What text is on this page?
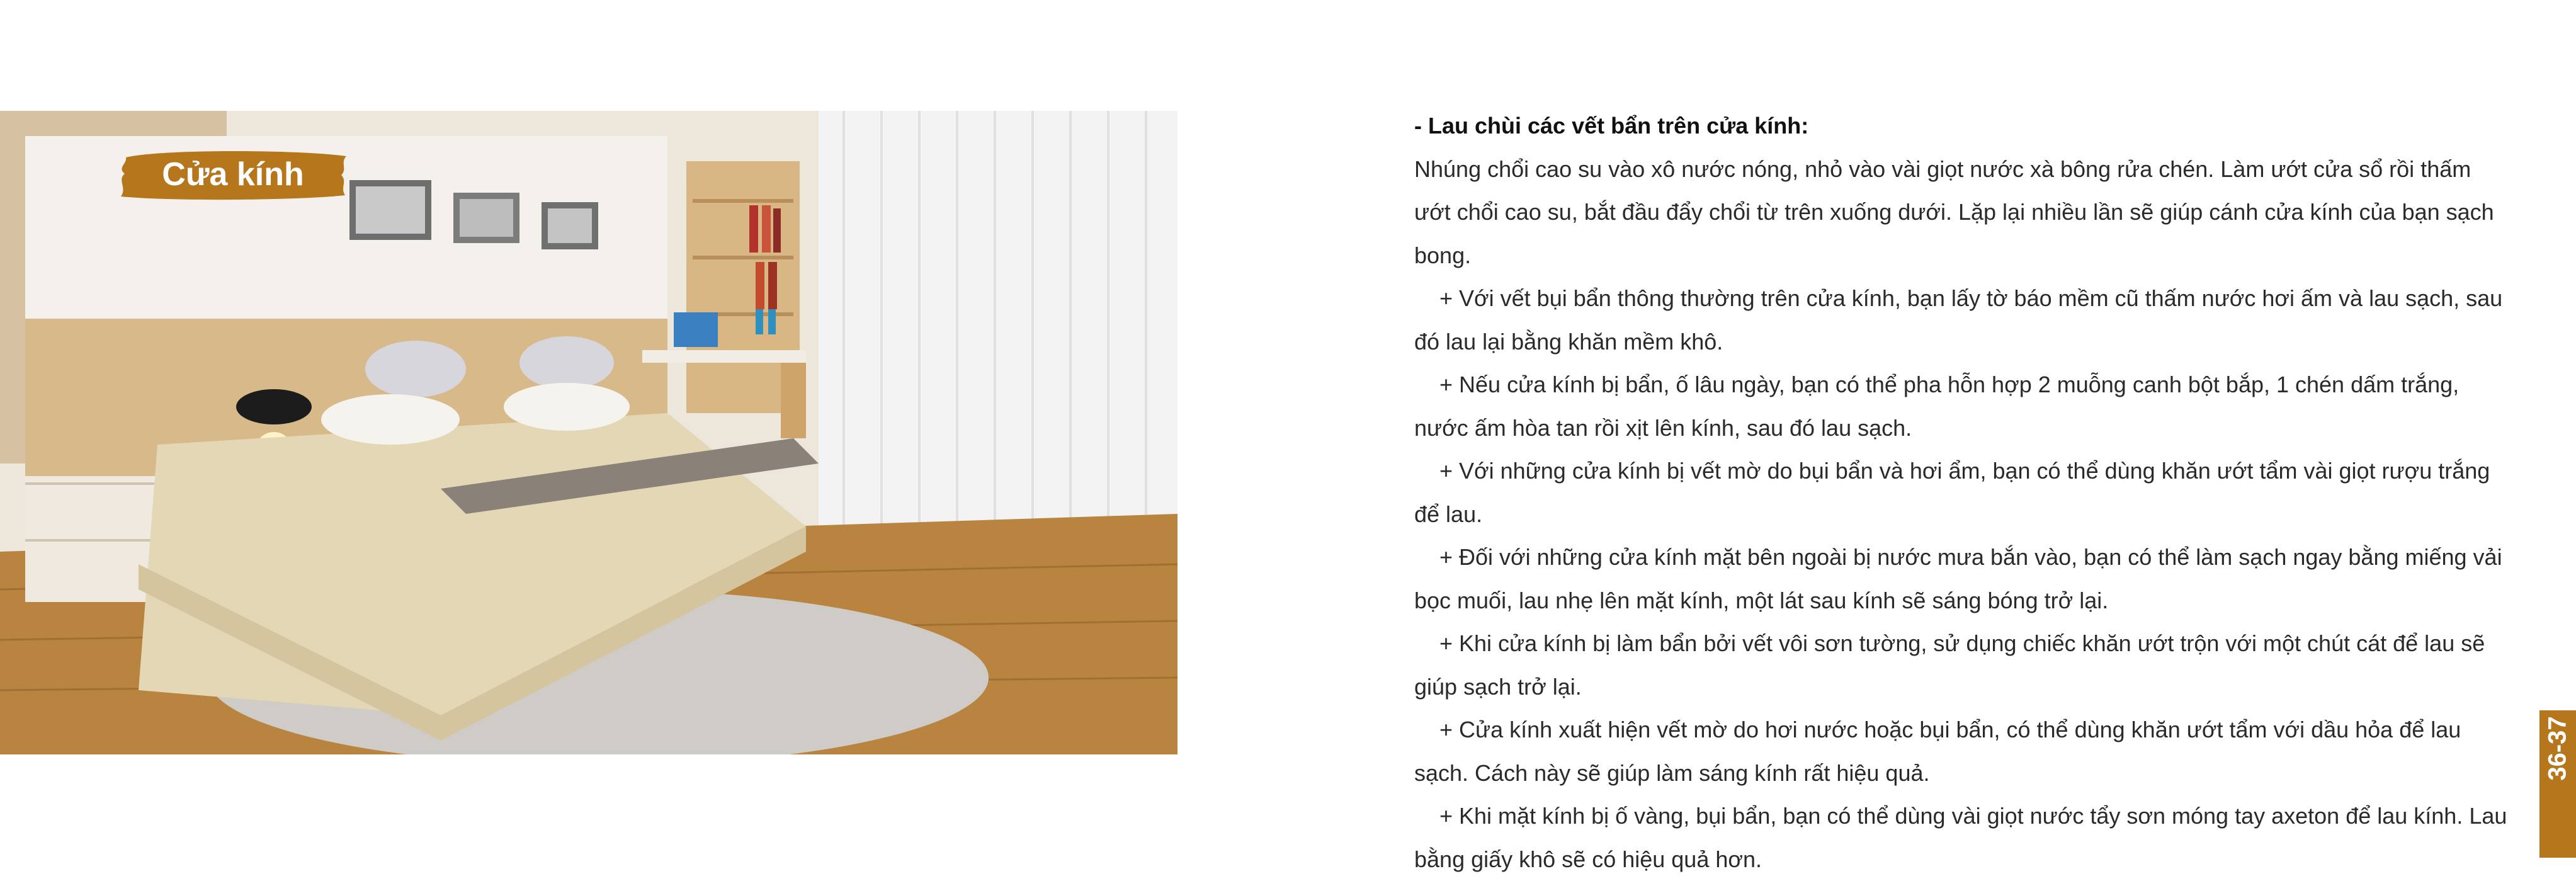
Cửa kính

- Lau chùi các vết bẩn trên cửa kính:

Nhúng chổi cao su vào xô nước nóng, nhỏ vào vài giọt nước xà bông rửa chén. Làm ướt cửa sổ rồi thấm ướt chổi cao su, bắt đầu đẩy chổi từ trên xuống dưới. Lặp lại nhiều lần sẽ giúp cánh cửa kính của bạn sạch bong.

+ Với vết bụi bẩn thông thường trên cửa kính, bạn lấy tờ báo mềm cũ thấm nước hơi ấm và lau sạch, sau đó lau lại bằng khăn mềm khô.

+ Nếu cửa kính bị bẩn, ố lâu ngày, bạn có thể pha hỗn hợp 2 muỗng canh bột bắp, 1 chén dấm trắng, nước ấm hòa tan rồi xịt lên kính, sau đó lau sạch.

+ Với những cửa kính bị vết mờ do bụi bẩn và hơi ẩm, bạn có thể dùng khăn ướt tẩm vài giọt rượu trắng để lau.

+ Đối với những cửa kính mặt bên ngoài bị nước mưa bắn vào, bạn có thể làm sạch ngay bằng miếng vải bọc muối, lau nhẹ lên mặt kính, một lát sau kính sẽ sáng bóng trở lại.

+ Khi cửa kính bị làm bẩn bởi vết vôi sơn tường, sử dụng chiếc khăn ướt trộn với một chút cát để lau sẽ giúp sạch trở lại.

+ Cửa kính xuất hiện vết mờ do hơi nước hoặc bụi bẩn, có thể dùng khăn ướt tẩm với dầu hỏa để lau sạch. Cách này sẽ giúp làm sáng kính rất hiệu quả.

+ Khi mặt kính bị ố vàng, bụi bẩn, bạn có thể dùng vài giọt nước tẩy sơn móng tay axeton để lau kính. Lau bằng giấy khô sẽ có hiệu quả hơn.

36-37
